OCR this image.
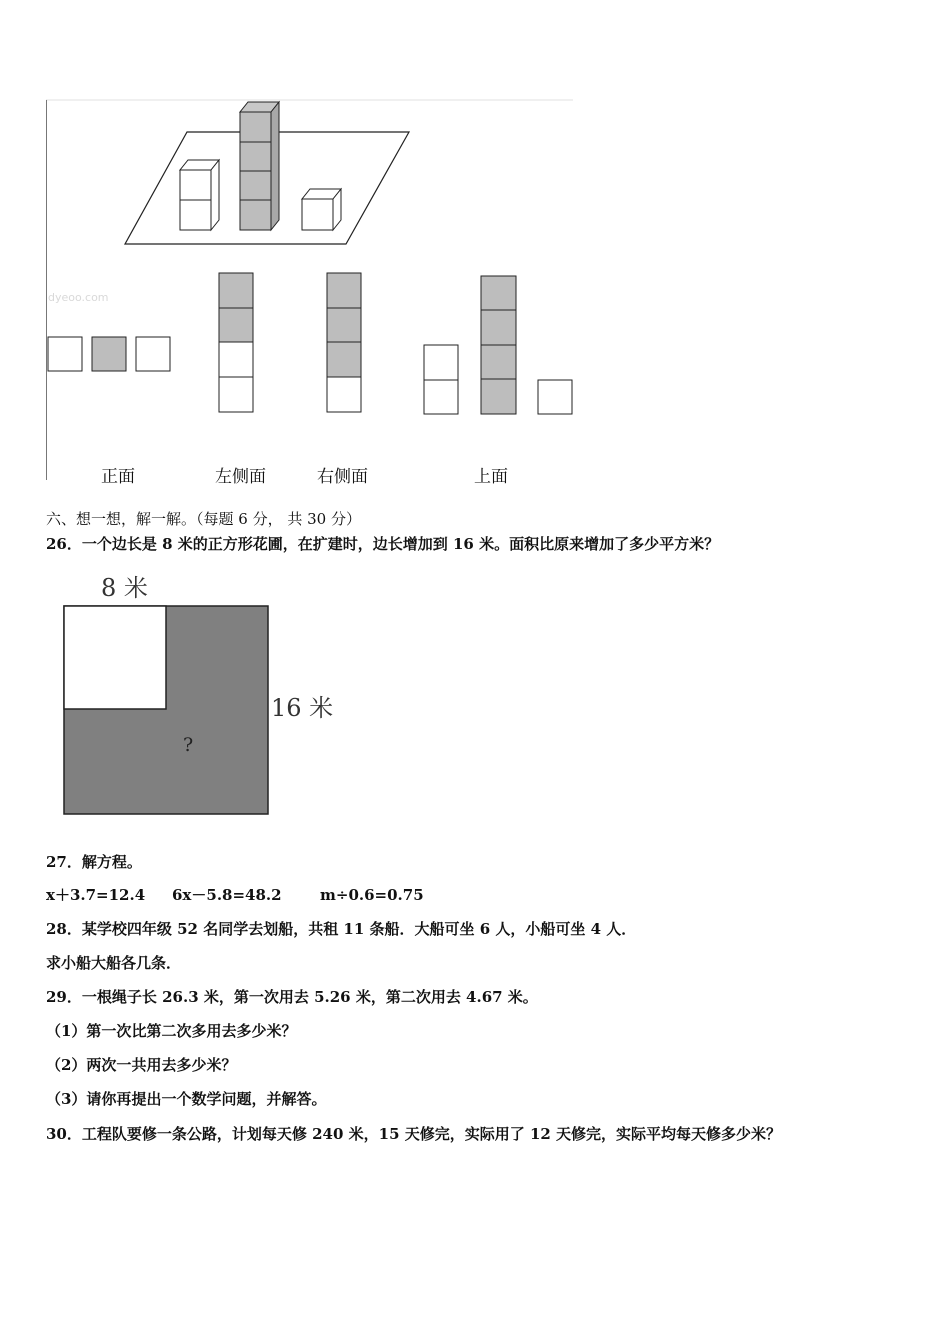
dyeoo.com
正面	左侧面	右侧面	上面
六、想一想，解一解。（每题 6 分， 共 30 分）
26．一个边长是 8 米的正方形花圃，在扩建时，边长增加到 16 米。面积比原来增加了多少平方米？
8 米
16 米
?
27．解方程。
x＋3.7=12.4 6x－5.8=48.2	m÷0.6=0.75
28．某学校四年级 52 名同学去划船，共租 11 条船．大船可坐 6 人，小船可坐 4 人．
求小船大船各几条．
29．一根绳子长 26.3 米，第一次用去 5.26 米，第二次用去 4.67 米。
（1）第一次比第二次多用去多少米？
（2）两次一共用去多少米？
（3）请你再提出一个数学问题，并解答。
30．工程队要修一条公路，计划每天修 240 米，15 天修完，实际用了 12 天修完，实际平均每天修多少米？
